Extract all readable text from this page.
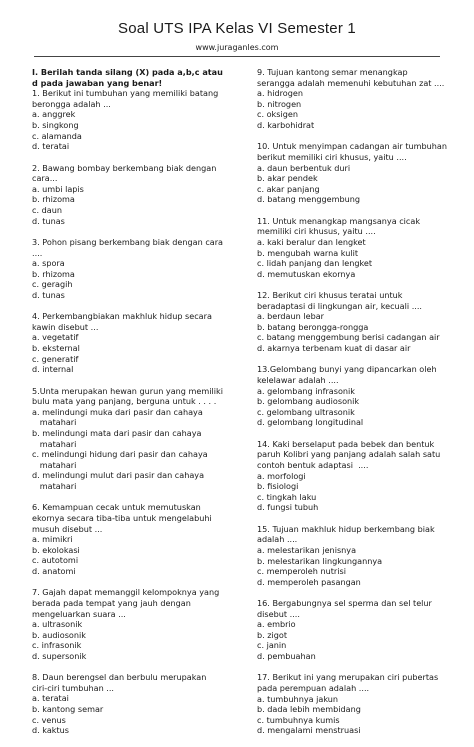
Soal UTS IPA Kelas VI Semester 1
www.juraganles.com
I. Berilah tanda silang (X) pada a,b,c atau
d pada jawaban yang benar!
1. Berikut ini tumbuhan yang memiliki batang
berongga adalah ...
a. anggrek
b. singkong
c. alamanda
d. teratai
2. Bawang bombay berkembang biak dengan
cara...
a. umbi lapis
b. rhizoma
c. daun
d. tunas
3. Pohon pisang berkembang biak dengan cara
....
a. spora
b. rhizoma
c. geragih
d. tunas
4. Perkembangbiakan makhluk hidup secara
kawin disebut ...
a. vegetatif
b. eksternal
c. generatif
d. internal
5.Unta merupakan hewan gurun yang memiliki
bulu mata yang panjang, berguna untuk . . . .
a. melindungi muka dari pasir dan cahaya
matahari
b. melindungi mata dari pasir dan cahaya
matahari
c. melindungi hidung dari pasir dan cahaya
matahari
d. melindungi mulut dari pasir dan cahaya
matahari
6. Kemampuan cecak untuk memutuskan
ekornya secara tiba-tiba untuk mengelabuhi
musuh disebut ...
a. mimikri
b. ekolokasi
c. autotomi
d. anatomi
7. Gajah dapat memanggil kelompoknya yang
berada pada tempat yang jauh dengan
mengeluarkan suara ...
a. ultrasonik
b. audiosonik
c. infrasonik
d. supersonik
8. Daun berengsel dan berbulu merupakan
ciri-ciri tumbuhan ...
a. teratai
b. kantong semar
c. venus
d. kaktus
9. Tujuan kantong semar menangkap
serangga adalah memenuhi kebutuhan zat ....
a. hidrogen
b. nitrogen
c. oksigen
d. karbohidrat
10. Untuk menyimpan cadangan air tumbuhan
berikut memiliki ciri khusus, yaitu ....
a. daun berbentuk duri
b. akar pendek
c. akar panjang
d. batang menggembung
11. Untuk menangkap mangsanya cicak
memiliki ciri khusus, yaitu ....
a. kaki beralur dan lengket
b. mengubah warna kulit
c. lidah panjang dan lengket
d. memutuskan ekornya
12. Berikut ciri khusus teratai untuk
beradaptasi di lingkungan air, kecuali ....
a. berdaun lebar
b. batang berongga-rongga
c. batang menggembung berisi cadangan air
d. akarnya terbenam kuat di dasar air
13.Gelombang bunyi yang dipancarkan oleh
kelelawar adalah ....
a. gelombang infrasonik
b. gelombang audiosonik
c. gelombang ultrasonik
d. gelombang longitudinal
14. Kaki berselaput pada bebek dan bentuk
paruh Kolibri yang panjang adalah salah satu
contoh bentuk adaptasi  ....
a. morfologi
b. fisiologi
c. tingkah laku
d. fungsi tubuh
15. Tujuan makhluk hidup berkembang biak
adalah ....
a. melestarikan jenisnya
b. melestarikan lingkungannya
c. memperoleh nutrisi
d. memperoleh pasangan
16. Bergabungnya sel sperma dan sel telur
disebut ....
a. embrio
b. zigot
c. janin
d. pembuahan
17. Berikut ini yang merupakan ciri pubertas
pada perempuan adalah ....
a. tumbuhnya jakun
b. dada lebih membidang
c. tumbuhnya kumis
d. mengalami menstruasi
